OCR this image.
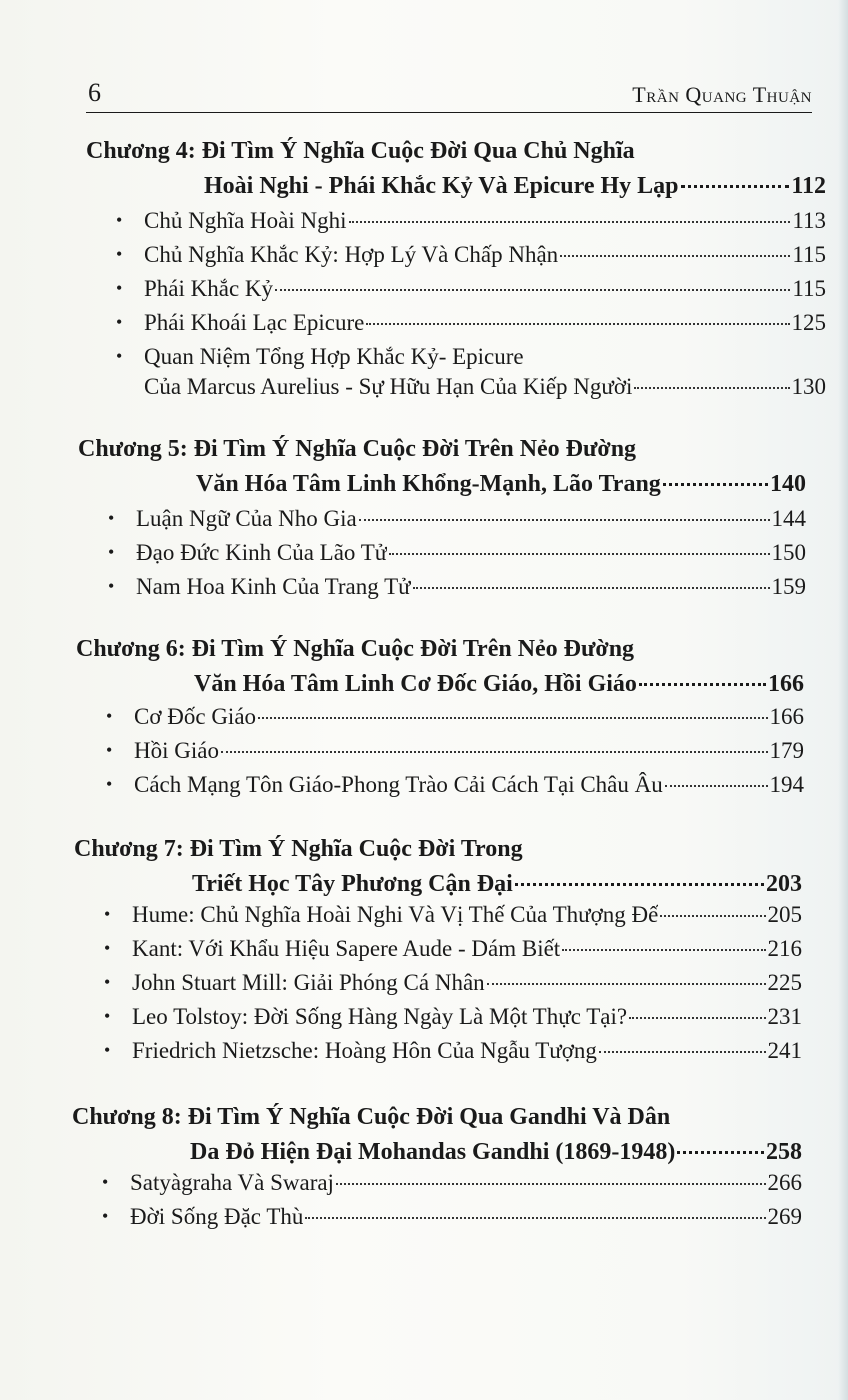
6	Trần Quang Thuận
Chương 4: Đi Tìm Ý Nghĩa Cuộc Đời Qua Chủ Nghĩa
Hoài Nghi - Phái Khắc Kỷ Và Epicure Hy Lạp	112
• Chủ Nghĩa Hoài Nghi	113
• Chủ Nghĩa Khắc Kỷ: Hợp Lý Và Chấp Nhận	115
• Phái Khắc Kỷ	115
• Phái Khoái Lạc Epicure	125
• Quan Niệm Tổng Hợp Khắc Kỷ- Epicure
Của Marcus Aurelius - Sự Hữu Hạn Của Kiếp Người	130
Chương 5: Đi Tìm Ý Nghĩa Cuộc Đời Trên Nẻo Đường
Văn Hóa Tâm Linh Khổng-Mạnh, Lão Trang	140
• Luận Ngữ Của Nho Gia	144
• Đạo Đức Kinh Của Lão Tử	150
• Nam Hoa Kinh Của Trang Tử	159
Chương 6: Đi Tìm Ý Nghĩa Cuộc Đời Trên Nẻo Đường
Văn Hóa Tâm Linh Cơ Đốc Giáo, Hồi Giáo	166
• Cơ Đốc Giáo	166
• Hồi Giáo	179
• Cách Mạng Tôn Giáo-Phong Trào Cải Cách Tại Châu Âu	194
Chương 7: Đi Tìm Ý Nghĩa Cuộc Đời Trong
Triết Học Tây Phương Cận Đại	203
• Hume: Chủ Nghĩa Hoài Nghi Và Vị Thế Của Thượng Đế	205
• Kant: Với Khẩu Hiệu Sapere Aude - Dám Biết	216
• John Stuart Mill: Giải Phóng Cá Nhân	225
• Leo Tolstoy: Đời Sống Hàng Ngày Là Một Thực Tại?	231
• Friedrich Nietzsche: Hoàng Hôn Của Ngẫu Tượng	241
Chương 8: Đi Tìm Ý Nghĩa Cuộc Đời Qua Gandhi Và Dân
Da Đỏ Hiện Đại Mohandas Gandhi (1869-1948)	258
• Satyàgraha Và Swaraj	266
• Đời Sống Đặc Thù	269
